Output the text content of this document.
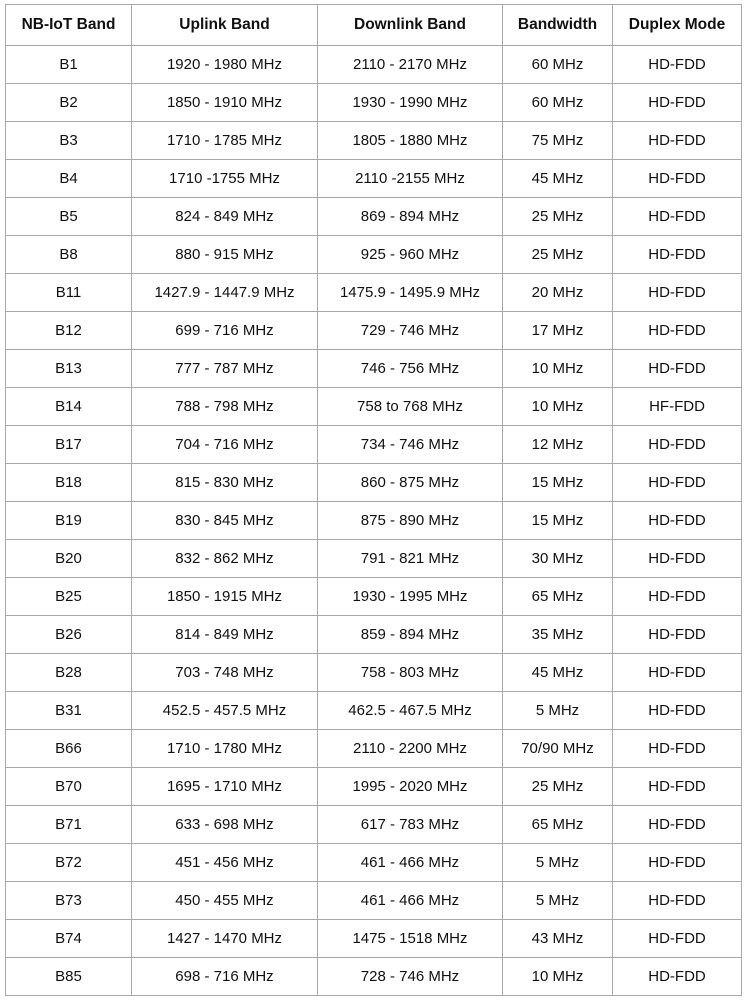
NB-IoT Band	Uplink Band	Downlink Band	Bandwidth	Duplex Mode
B1	1920 - 1980 MHz	2110 - 2170 MHz	60 MHz	HD-FDD
B2	1850 - 1910 MHz	1930 - 1990 MHz	60 MHz	HD-FDD
B3	1710 - 1785 MHz	1805 - 1880 MHz	75 MHz	HD-FDD
B4	1710 -1755 MHz	2110 -2155 MHz	45 MHz	HD-FDD
B5	824 - 849 MHz	869 - 894 MHz	25 MHz	HD-FDD
B8	880 - 915 MHz	925 - 960 MHz	25 MHz	HD-FDD
B11	1427.9 - 1447.9 MHz	1475.9 - 1495.9 MHz	20 MHz	HD-FDD
B12	699 - 716 MHz	729 - 746 MHz	17 MHz	HD-FDD
B13	777 - 787 MHz	746 - 756 MHz	10 MHz	HD-FDD
B14	788 - 798 MHz	758 to 768 MHz	10 MHz	HF-FDD
B17	704 - 716 MHz	734 - 746 MHz	12 MHz	HD-FDD
B18	815 - 830 MHz	860 - 875 MHz	15 MHz	HD-FDD
B19	830 - 845 MHz	875 - 890 MHz	15 MHz	HD-FDD
B20	832 - 862 MHz	791 - 821 MHz	30 MHz	HD-FDD
B25	1850 - 1915 MHz	1930 - 1995 MHz	65 MHz	HD-FDD
B26	814 - 849 MHz	859 - 894 MHz	35 MHz	HD-FDD
B28	703 - 748 MHz	758 - 803 MHz	45 MHz	HD-FDD
B31	452.5 - 457.5 MHz	462.5 - 467.5 MHz	5 MHz	HD-FDD
B66	1710 - 1780 MHz	2110 - 2200 MHz	70/90 MHz	HD-FDD
B70	1695 - 1710 MHz	1995 - 2020 MHz	25 MHz	HD-FDD
B71	633 - 698 MHz	617 - 783 MHz	65 MHz	HD-FDD
B72	451 - 456 MHz	461 - 466 MHz	5 MHz	HD-FDD
B73	450 - 455 MHz	461 - 466 MHz	5 MHz	HD-FDD
B74	1427 - 1470 MHz	1475 - 1518 MHz	43 MHz	HD-FDD
B85	698 - 716 MHz	728 - 746 MHz	10 MHz	HD-FDD
